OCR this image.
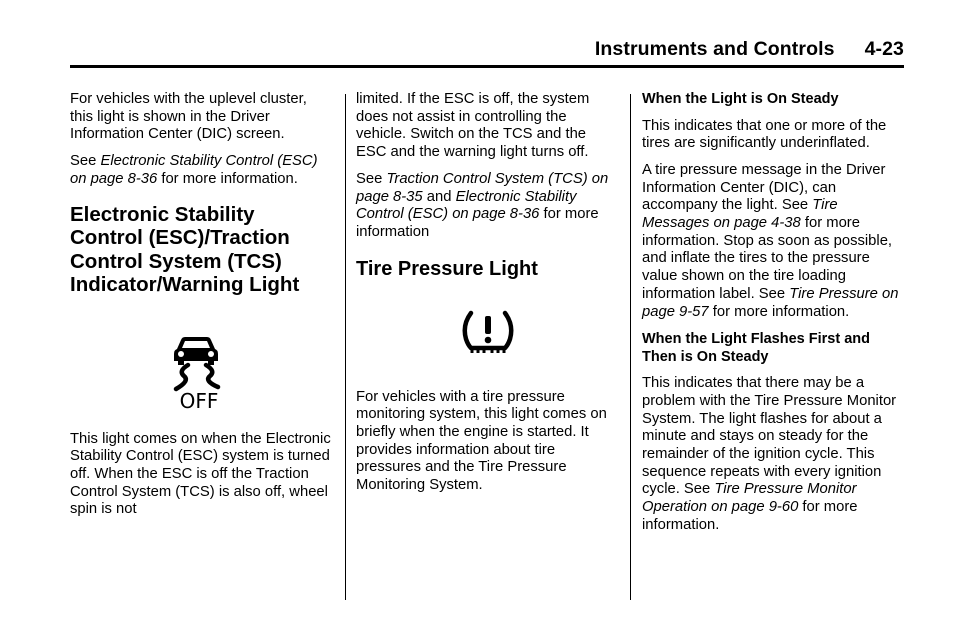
Instruments and Controls 4-23

For vehicles with the uplevel cluster, this light is shown in the Driver Information Center (DIC) screen.

See Electronic Stability Control (ESC) on page 8-36 for more information.

Electronic Stability Control (ESC)/Traction Control System (TCS) Indicator/Warning Light
OFF

This light comes on when the Electronic Stability Control (ESC) system is turned off. When the ESC is off the Traction Control System (TCS) is also off, wheel spin is not

limited. If the ESC is off, the system does not assist in controlling the vehicle. Switch on the TCS and the ESC and the warning light turns off.

See Traction Control System (TCS) on page 8-35 and Electronic Stability Control (ESC) on page 8-36 for more information

Tire Pressure Light

For vehicles with a tire pressure monitoring system, this light comes on briefly when the engine is started. It provides information about tire pressures and the Tire Pressure Monitoring System.

When the Light is On Steady

This indicates that one or more of the tires are significantly underinflated.

A tire pressure message in the Driver Information Center (DIC), can accompany the light. See Tire Messages on page 4-38 for more information. Stop as soon as possible, and inflate the tires to the pressure value shown on the tire loading information label. See Tire Pressure on page 9-57 for more information.

When the Light Flashes First and Then is On Steady

This indicates that there may be a problem with the Tire Pressure Monitor System. The light flashes for about a minute and stays on steady for the remainder of the ignition cycle. This sequence repeats with every ignition cycle. See Tire Pressure Monitor Operation on page 9-60 for more information.
